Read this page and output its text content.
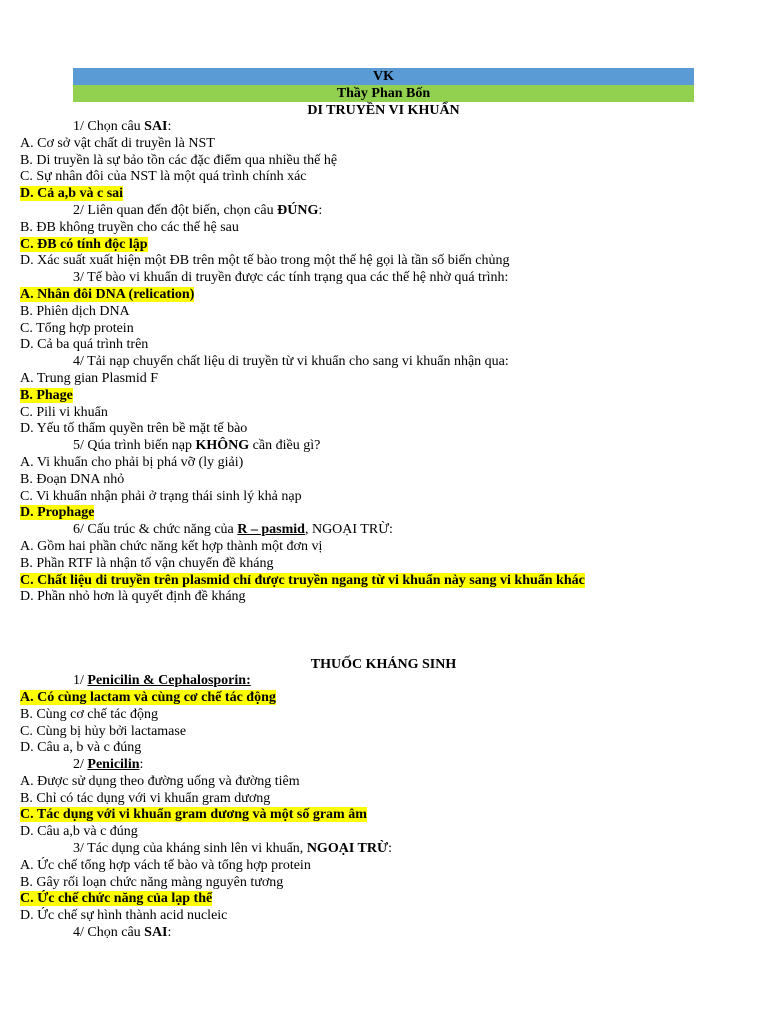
VK
Thầy Phan Bốn
DI TRUYỀN VI KHUẨN
1/ Chọn câu SAI:
A. Cơ sở vật chất di truyền là NST
B. Di truyền là sự bảo tồn các đặc điểm qua nhiều thế hệ
C. Sự nhân đôi của NST là một quá trình chính xác
D. Cả a,b và c sai
2/ Liên quan đến đột biến, chọn câu ĐÚNG:
B. ĐB không truyền cho các thế hệ sau
C. ĐB có tính độc lập
D. Xác suất xuất hiện một ĐB trên một tế bào trong một thế hệ gọi là tần số biến chủng
3/ Tế bào vi khuẩn di truyền được các tính trạng qua các thế hệ nhờ quá trình:
A. Nhân đôi DNA (relication)
B. Phiên dịch DNA
C. Tổng hợp protein
D. Cả ba quá trình trên
4/ Tải nạp chuyển chất liệu di truyền từ vi khuẩn cho sang vi khuẩn nhận qua:
A. Trung gian Plasmid F
B. Phage
C. Pili vi khuẩn
D. Yếu tố thẩm quyền trên bề mặt tế bào
5/ Qúa trình biến nạp KHÔNG cần điều gì?
A. Vi khuẩn cho phải bị phá vỡ (ly giải)
B. Đoạn DNA nhỏ
C. Vi khuẩn nhận phải ở trạng thái sinh lý khả nạp
D. Prophage
6/ Cấu trúc & chức năng của R – pasmid, NGOẠI TRỪ:
A. Gồm hai phần chức năng kết hợp thành một đơn vị
B. Phần RTF là nhận tố vận chuyển đề kháng
C. Chất liệu di truyền trên plasmid chỉ được truyền ngang từ vi khuẩn này sang vi khuẩn khác
D. Phần nhỏ hơn là quyết định đề kháng
THUỐC KHÁNG SINH
1/ Penicilin & Cephalosporin:
A. Có cùng lactam và cùng cơ chế tác động
B. Cùng cơ chế tác động
C. Cùng bị hủy bởi lactamase
D. Câu a, b và c đúng
2/ Penicilin:
A. Được sử dụng theo đường uống và đường tiêm
B. Chỉ có tác dụng với vi khuẩn gram dương
C. Tác dụng với vi khuẩn gram dương và một số gram âm
D. Câu a,b và c đúng
3/ Tác dụng của kháng sinh lên vi khuẩn, NGOẠI TRỪ:
A. Ức chế tổng hợp vách tế bào và tổng hợp protein
B. Gây rối loạn chức năng màng nguyên tương
C. Ức chế chức năng của lạp thể
D. Ức chế sự hình thành acid nucleic
4/ Chọn câu SAI:
